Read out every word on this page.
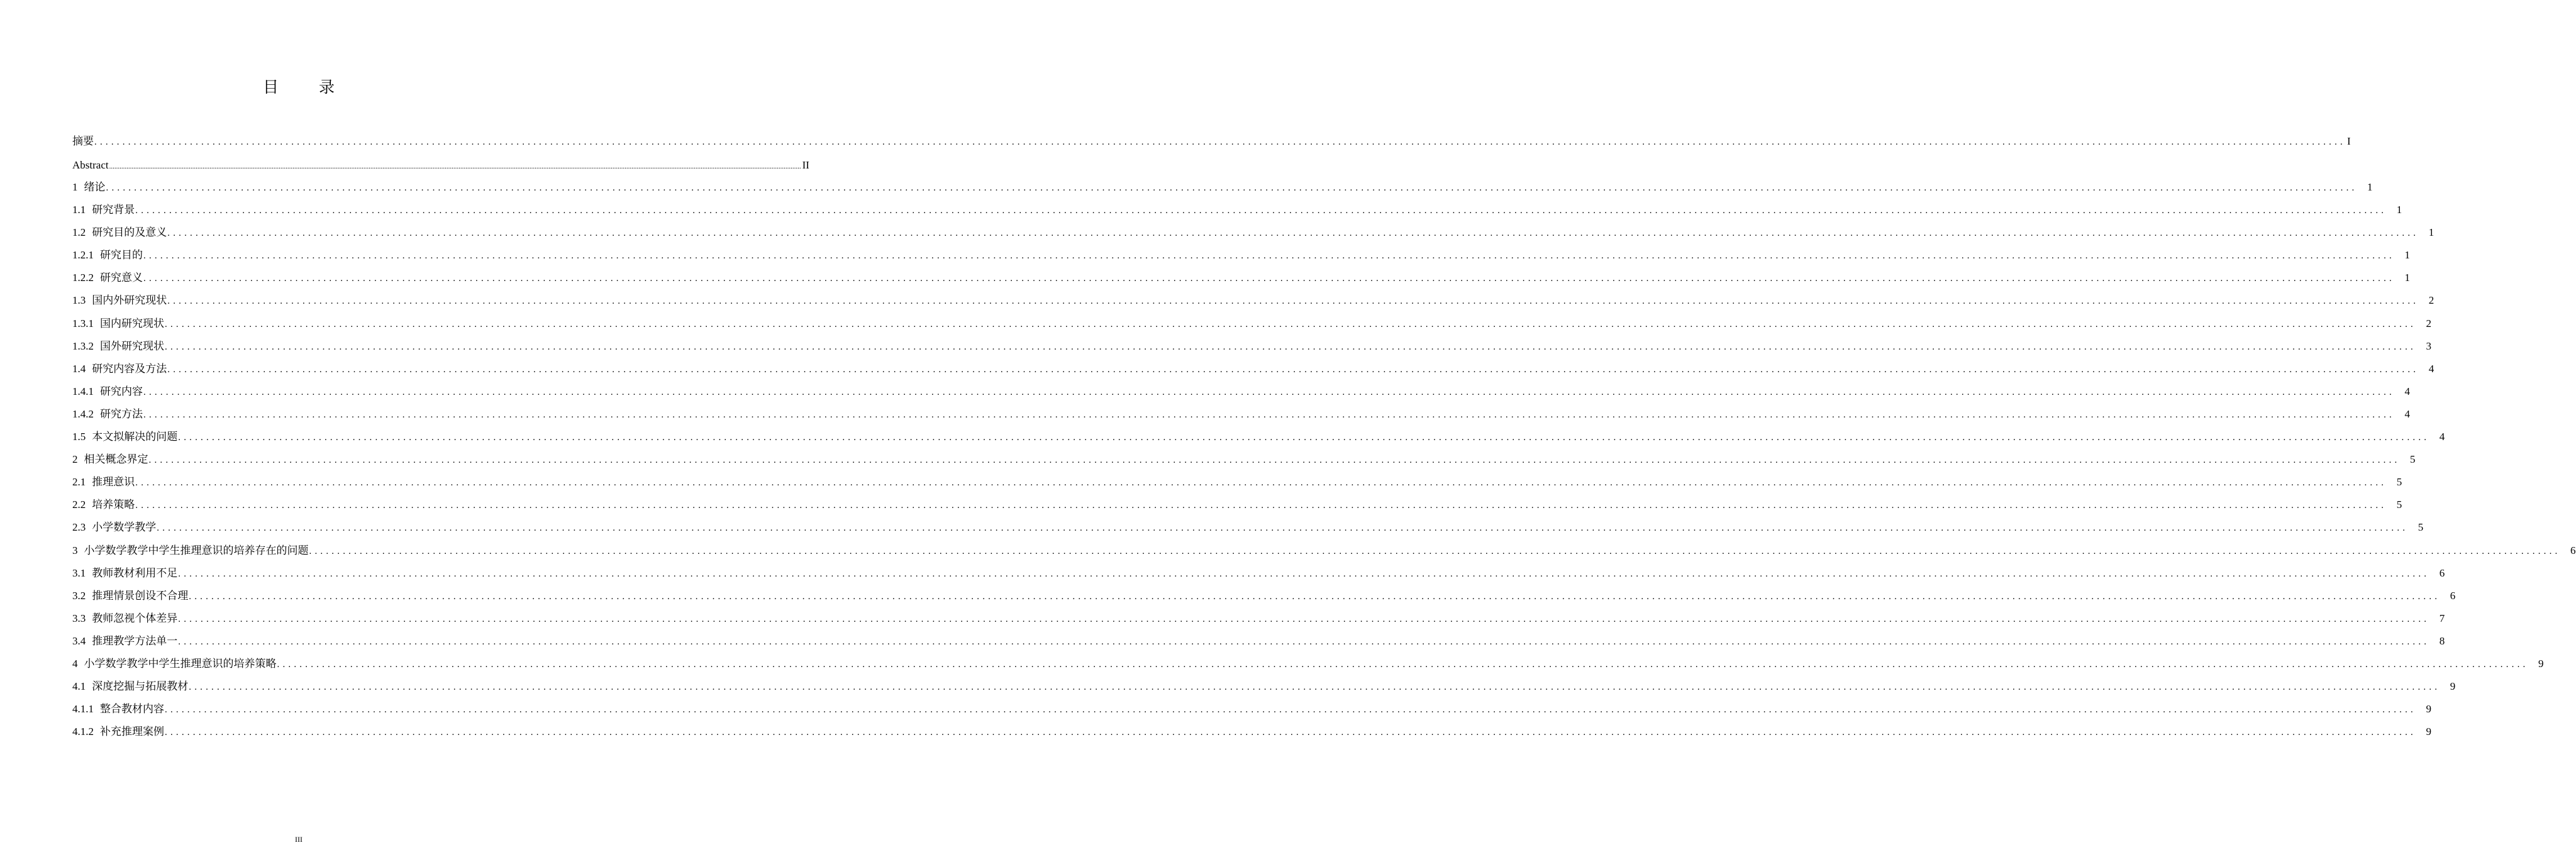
目 录
摘要 ................................................................................................................................................................................................................................................................................................................................................................................................................ I
Abstract ................................................................................................................................................................................................................................................................................................................................................................................................................ II
1 绪论 ................................................................................................................................................................................................................................................................................................................................................................................................................ 1
1.1 研究背景 ................................................................................................................................................................................................................................................................................................................................................................................................................ 1
1.2 研究目的及意义 ................................................................................................................................................................................................................................................................................................................................................................................................................ 1
1.2.1 研究目的 ................................................................................................................................................................................................................................................................................................................................................................................................................ 1
1.2.2 研究意义 ................................................................................................................................................................................................................................................................................................................................................................................................................ 1
1.3 国内外研究现状 ................................................................................................................................................................................................................................................................................................................................................................................................................ 2
1.3.1 国内研究现状 ................................................................................................................................................................................................................................................................................................................................................................................................................ 2
1.3.2 国外研究现状 ................................................................................................................................................................................................................................................................................................................................................................................................................ 3
1.4 研究内容及方法 ................................................................................................................................................................................................................................................................................................................................................................................................................ 4
1.4.1 研究内容 ................................................................................................................................................................................................................................................................................................................................................................................................................ 4
1.4.2 研究方法 ................................................................................................................................................................................................................................................................................................................................................................................................................ 4
1.5 本文拟解决的问题 ................................................................................................................................................................................................................................................................................................................................................................................................................ 4
2 相关概念界定 ................................................................................................................................................................................................................................................................................................................................................................................................................ 5
2.1 推理意识 ................................................................................................................................................................................................................................................................................................................................................................................................................ 5
2.2 培养策略 ................................................................................................................................................................................................................................................................................................................................................................................................................ 5
2.3 小学数学教学 ................................................................................................................................................................................................................................................................................................................................................................................................................ 5
3 小学数学教学中学生推理意识的培养存在的问题 ................................................................................................................................................................................................................................................................................................................................................................................................................ 6
3.1 教师教材利用不足 ................................................................................................................................................................................................................................................................................................................................................................................................................ 6
3.2 推理情景创设不合理 ................................................................................................................................................................................................................................................................................................................................................................................................................ 6
3.3 教师忽视个体差异 ................................................................................................................................................................................................................................................................................................................................................................................................................ 7
3.4 推理教学方法单一 ................................................................................................................................................................................................................................................................................................................................................................................................................ 8
4 小学数学教学中学生推理意识的培养策略 ................................................................................................................................................................................................................................................................................................................................................................................................................ 9
4.1 深度挖掘与拓展教材 ................................................................................................................................................................................................................................................................................................................................................................................................................ 9
4.1.1 整合教材内容 ................................................................................................................................................................................................................................................................................................................................................................................................................ 9
4.1.2 补充推理案例 ................................................................................................................................................................................................................................................................................................................................................................................................................ 9
III
